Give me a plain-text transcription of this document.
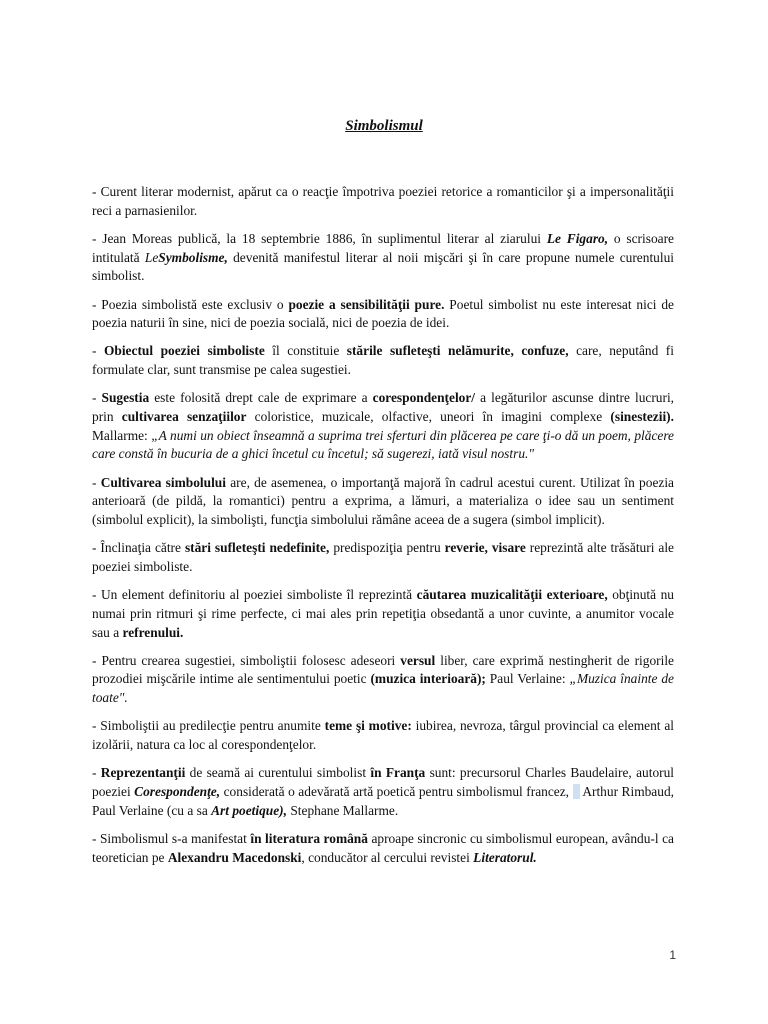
Simbolismul

- Curent literar modernist, apărut ca o reacţie împotriva poeziei retorice a romanticilor şi a impersonalităţii reci a parnasienilor.

- Jean Moreas publică, la 18 septembrie 1886, în suplimentul literar al ziarului Le Figaro, o scrisoare intitulată LeSymbolisme, devenită manifestul literar al noii mişcări şi în care propune numele curentului simbolist.

- Poezia simbolistă este exclusiv o poezie a sensibilităţii pure. Poetul simbolist nu este interesat nici de poezia naturii în sine, nici de poezia socială, nici de poezia de idei.

- Obiectul poeziei simboliste îl constituie stările sufleteşti nelămurite, confuze, care, neputând fi formulate clar, sunt transmise pe calea sugestiei.

- Sugestia este folosită drept cale de exprimare a corespondenţelor/ a legăturilor ascunse dintre lucruri, prin cultivarea senzaţiilor coloristice, muzicale, olfactive, uneori în imagini complexe (sinestezii). Mallarme: „A numi un obiect înseamnă a suprima trei sferturi din plăcerea pe care ţi-o dă un poem, plăcere care constă în bucuria de a ghici încetul cu încetul; să sugerezi, iată visul nostru."

- Cultivarea simbolului are, de asemenea, o importanţă majoră în cadrul acestui curent. Utilizat în poezia anterioară (de pildă, la romantici) pentru a exprima, a lămuri, a materializa o idee sau un sentiment (simbolul explicit), la simbolişti, funcţia simbolului rămâne aceea de a sugera (simbol implicit).

- Înclinaţia către stări sufleteşti nedefinite, predispoziţia pentru reverie, visare reprezintă alte trăsături ale poeziei simboliste.

- Un element definitoriu al poeziei simboliste îl reprezintă căutarea muzicalităţii exterioare, obţinută nu numai prin ritmuri şi rime perfecte, ci mai ales prin repetiţia obsedantă a unor cuvinte, a anumitor vocale sau a refrenului.

- Pentru crearea sugestiei, simboliştii folosesc adeseori versul liber, care exprimă nestingherit de rigorile prozodiei mişcările intime ale sentimentului poetic (muzica interioară); Paul Verlaine: „Muzica înainte de toate".

- Simboliştii au predilecţie pentru anumite teme şi motive: iubirea, nevroza, târgul provincial ca element al izolării, natura ca loc al corespondenţelor.

- Reprezentanţii de seamă ai curentului simbolist în Franţa sunt: precursorul Charles Baudelaire, autorul poeziei Corespondenţe, considerată o adevărată artă poetică pentru simbolismul francez,    Arthur Rimbaud, Paul Verlaine (cu a sa Art poetique), Stephane Mallarme.

- Simbolismul s-a manifestat în literatura română aproape sincronic cu simbolismul european, avându-l ca teoretician pe Alexandru Macedonski, conducător al cercului revistei Literatorul.

1
